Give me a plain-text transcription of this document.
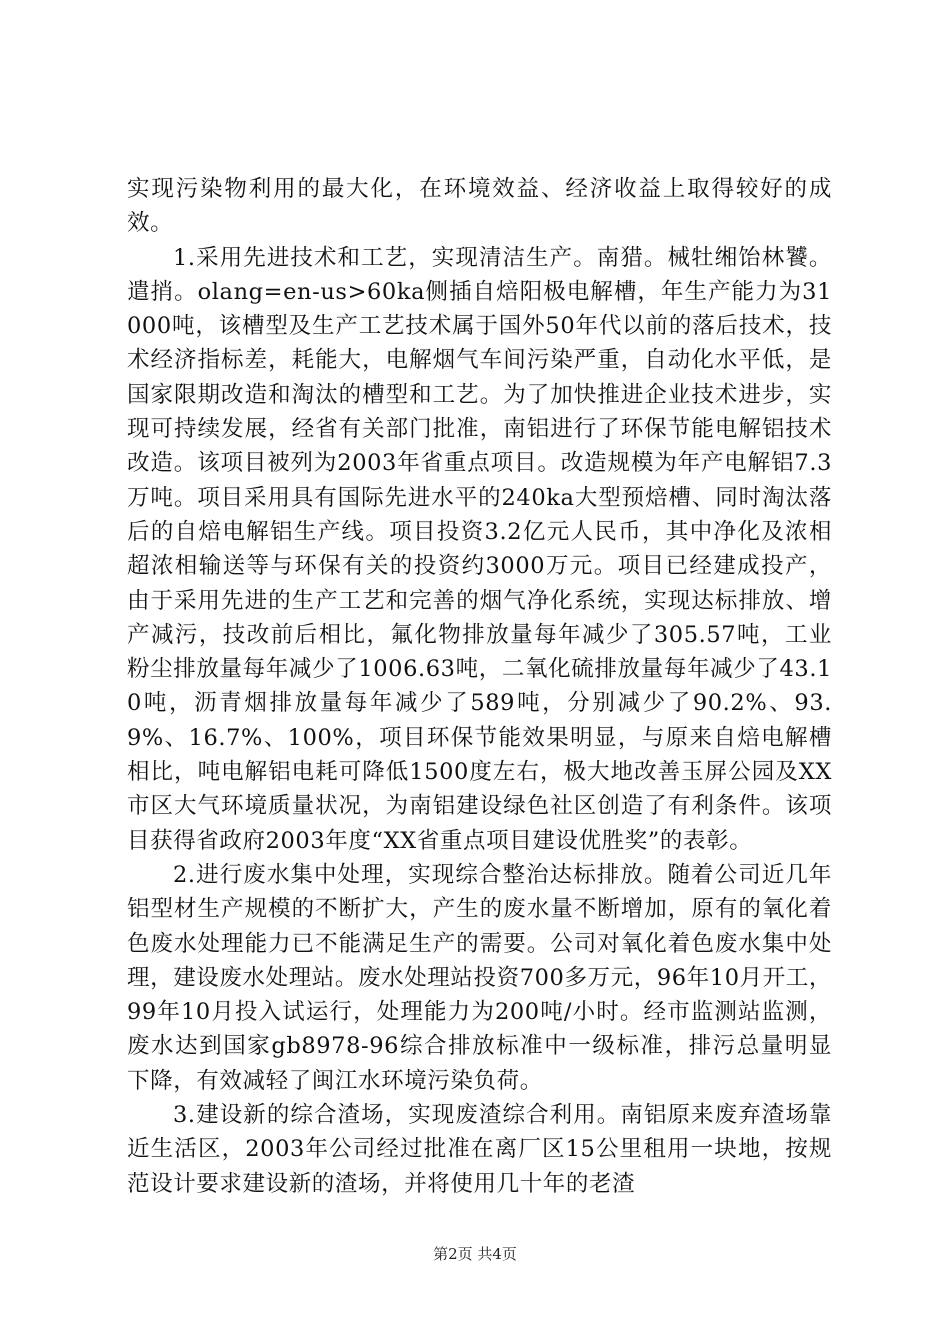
实现污染物利用的最大化，在环境效益、经济收益上取得较好的成效。

1.采用先进技术和工艺，实现清洁生产。南猎。械牡缃饴林饕。遣捎。olang=en-us>60ka侧插自焙阳极电解槽，年生产能力为31000吨，该槽型及生产工艺技术属于国外50年代以前的落后技术，技术经济指标差，耗能大，电解烟气车间污染严重，自动化水平低，是国家限期改造和淘汰的槽型和工艺。为了加快推进企业技术进步，实现可持续发展，经省有关部门批准，南铝进行了环保节能电解铝技术改造。该项目被列为2003年省重点项目。改造规模为年产电解铝7.3万吨。项目采用具有国际先进水平的240ka大型预焙槽、同时淘汰落后的自焙电解铝生产线。项目投资3.2亿元人民币，其中净化及浓相超浓相输送等与环保有关的投资约3000万元。项目已经建成投产，由于采用先进的生产工艺和完善的烟气净化系统，实现达标排放、增产减污，技改前后相比，氟化物排放量每年减少了305.57吨，工业粉尘排放量每年减少了1006.63吨，二氧化硫排放量每年减少了43.10吨，沥青烟排放量每年减少了589吨，分别减少了90.2%、93.9%、16.7%、100%，项目环保节能效果明显，与原来自焙电解槽相比，吨电解铝电耗可降低1500度左右，极大地改善玉屏公园及XX市区大气环境质量状况，为南铝建设绿色社区创造了有利条件。该项目获得省政府2003年度“XX省重点项目建设优胜奖”的表彰。

2.进行废水集中处理，实现综合整治达标排放。随着公司近几年铝型材生产规模的不断扩大，产生的废水量不断增加，原有的氧化着色废水处理能力已不能满足生产的需要。公司对氧化着色废水集中处理，建设废水处理站。废水处理站投资700多万元，96年10月开工，99年10月投入试运行，处理能力为200吨/小时。经市监测站监测，废水达到国家gb8978-96综合排放标准中一级标准，排污总量明显下降，有效减轻了闽江水环境污染负荷。

3.建设新的综合渣场，实现废渣综合利用。南铝原来废弃渣场靠近生活区，2003年公司经过批准在离厂区15公里租用一块地，按规范设计要求建设新的渣场，并将使用几十年的老渣

第2页 共4页
